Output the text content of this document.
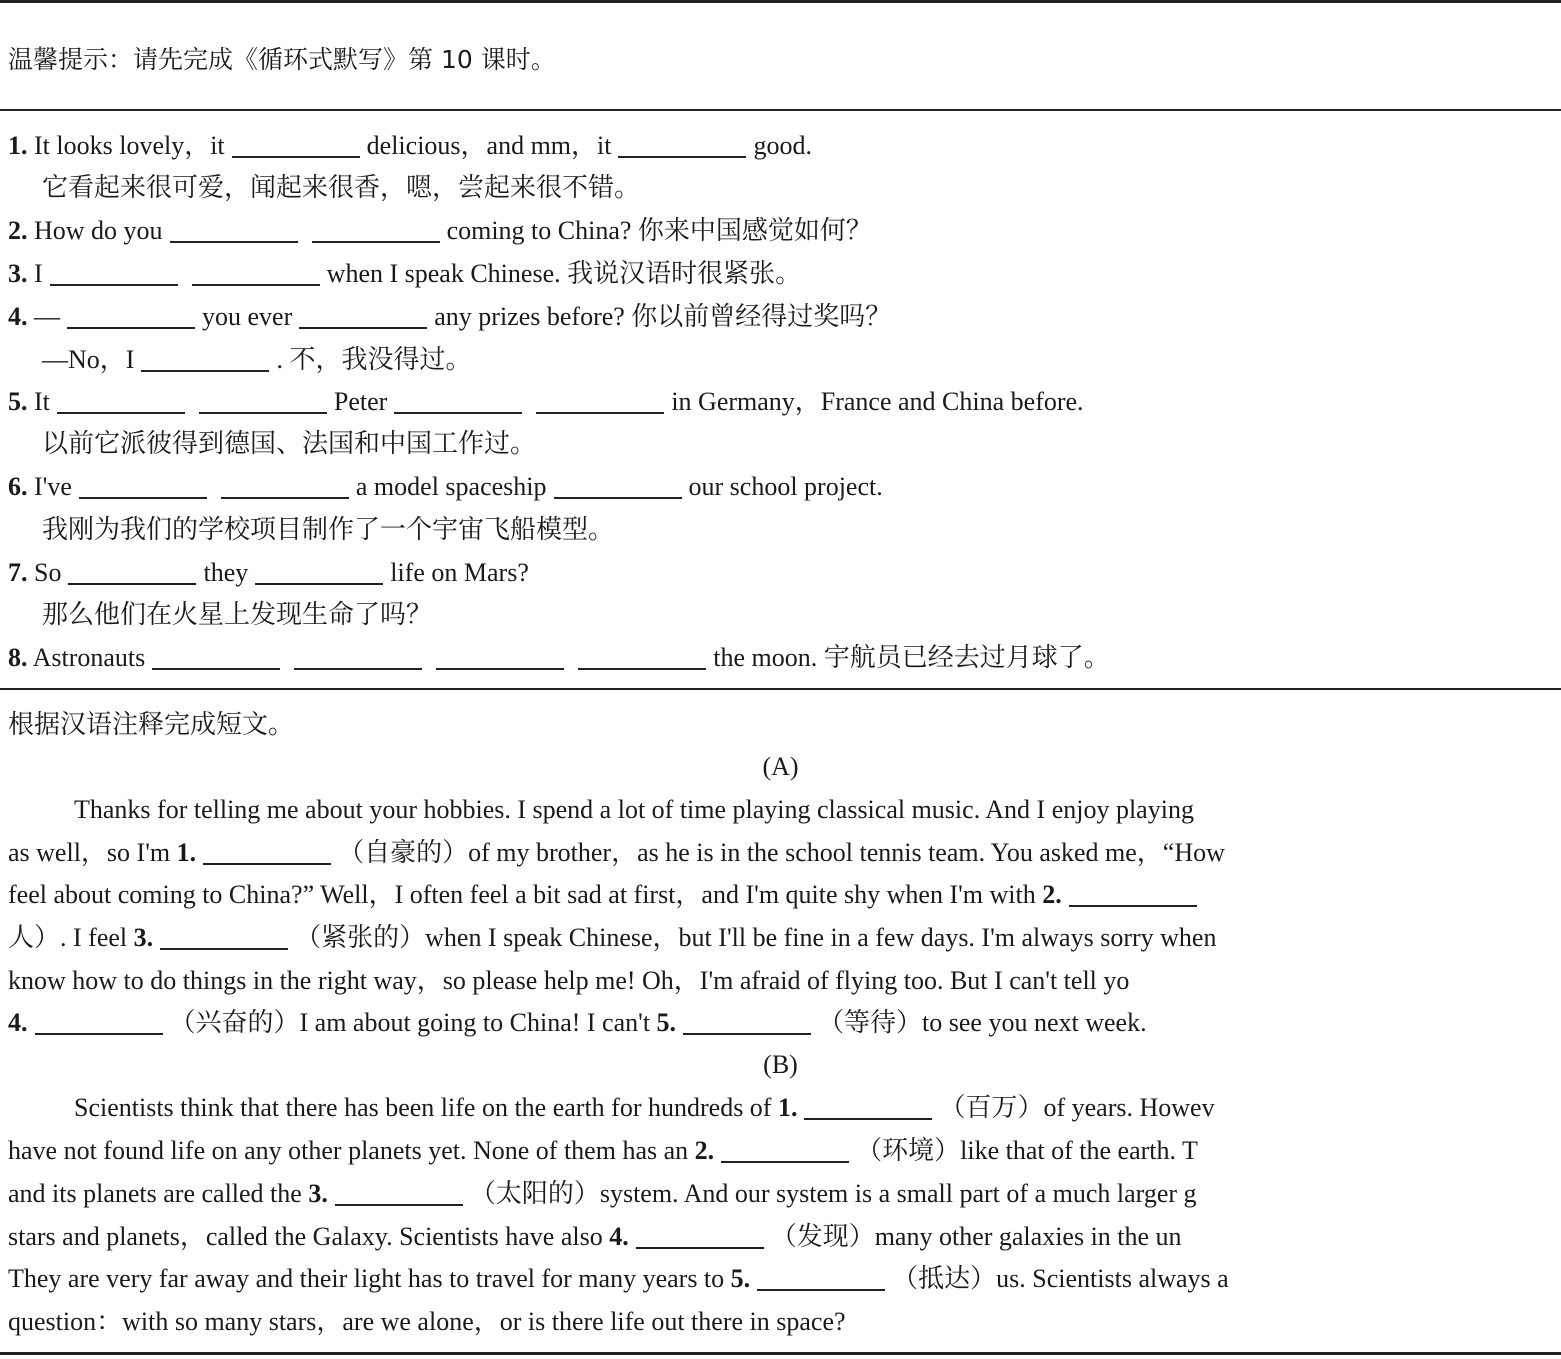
温馨提示：请先完成《循环式默写》第 10 课时。
1. It looks lovely，it	delicious，and mm，it	good.
它看起来很可爱，闻起来很香，嗯，尝起来很不错。
2. How do you	coming to China? 你来中国感觉如何？
3. I	when I speak Chinese. 我说汉语时很紧张。
4. —	you ever	any prizes before? 你以前曾经得过奖吗？
—No，I	. 不，我没得过。
5. It	Peter	in Germany，France and China before.
以前它派彼得到德国、法国和中国工作过。
6. I've	a model spaceship	our school project.
我刚为我们的学校项目制作了一个宇宙飞船模型。
7. So	they	life on Mars?
那么他们在火星上发现生命了吗？
8. Astronauts	the moon. 宇航员已经去过月球了。
根据汉语注释完成短文。
(A)
Thanks for telling me about your hobbies. I spend a lot of time playing classical music. And I enjoy playing
as well，so I'm 1.	（自豪的）of my brother，as he is in the school tennis team. You asked me，“How
feel about coming to China?” Well，I often feel a bit sad at first，and I'm quite shy when I'm with 2.
人）. I feel 3.	（紧张的）when I speak Chinese，but I'll be fine in a few days. I'm always sorry when
know how to do things in the right way，so please help me! Oh，I'm afraid of flying too. But I can't tell yo
4.	（兴奋的）I am about going to China! I can't 5.	（等待）to see you next week.
(B)
Scientists think that there has been life on the earth for hundreds of 1.	（百万）of years. Howev
have not found life on any other planets yet. None of them has an 2.	（环境）like that of the earth. T
and its planets are called the 3.	（太阳的）system. And our system is a small part of a much larger g
stars and planets，called the Galaxy. Scientists have also 4.	（发现）many other galaxies in the un
They are very far away and their light has to travel for many years to 5.	（抵达）us. Scientists always a
question：with so many stars，are we alone，or is there life out there in space?
